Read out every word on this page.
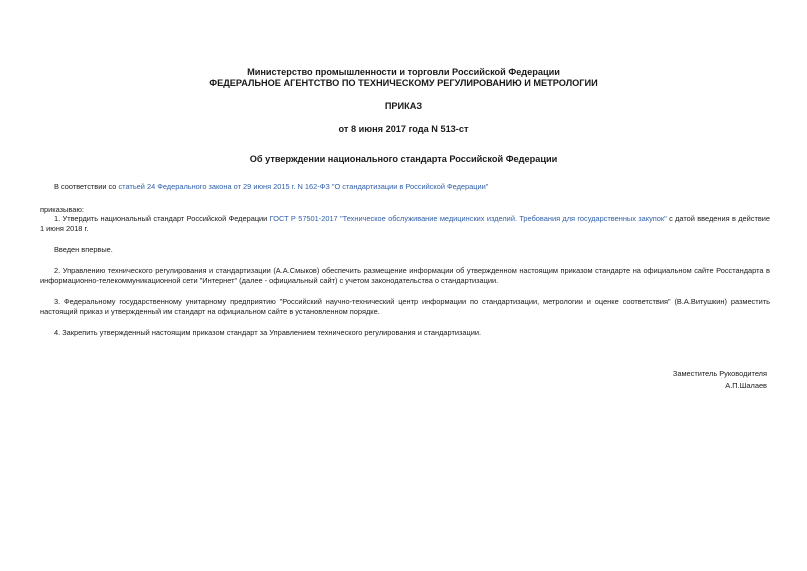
Министерство промышленности и торговли Российской Федерации
ФЕДЕРАЛЬНОЕ АГЕНТСТВО ПО ТЕХНИЧЕСКОМУ РЕГУЛИРОВАНИЮ И МЕТРОЛОГИИ
ПРИКАЗ
от 8 июня 2017 года N 513-ст
Об утверждении национального стандарта Российской Федерации
В соответствии со статьей 24 Федерального закона от 29 июня 2015 г. N 162-ФЗ "О стандартизации в Российской Федерации"
приказываю:
1. Утвердить национальный стандарт Российской Федерации ГОСТ Р 57501-2017 "Техническое обслуживание медицинских изделий. Требования для государственных закупок" с датой введения в действие 1 июня 2018 г.
Введен впервые.
2. Управлению технического регулирования и стандартизации (А.А.Смыков) обеспечить размещение информации об утвержденном настоящим приказом стандарте на официальном сайте Росстандарта в информационно-телекоммуникационной сети "Интернет" (далее - официальный сайт) с учетом законодательства о стандартизации.
3. Федеральному государственному унитарному предприятию "Российский научно-технический центр информации по стандартизации, метрологии и оценке соответствия" (В.А.Витушкин) разместить настоящий приказ и утвержденный им стандарт на официальном сайте в установленном порядке.
4. Закрепить утвержденный настоящим приказом стандарт за Управлением технического регулирования и стандартизации.
Заместитель Руководителя
А.П.Шалаев
